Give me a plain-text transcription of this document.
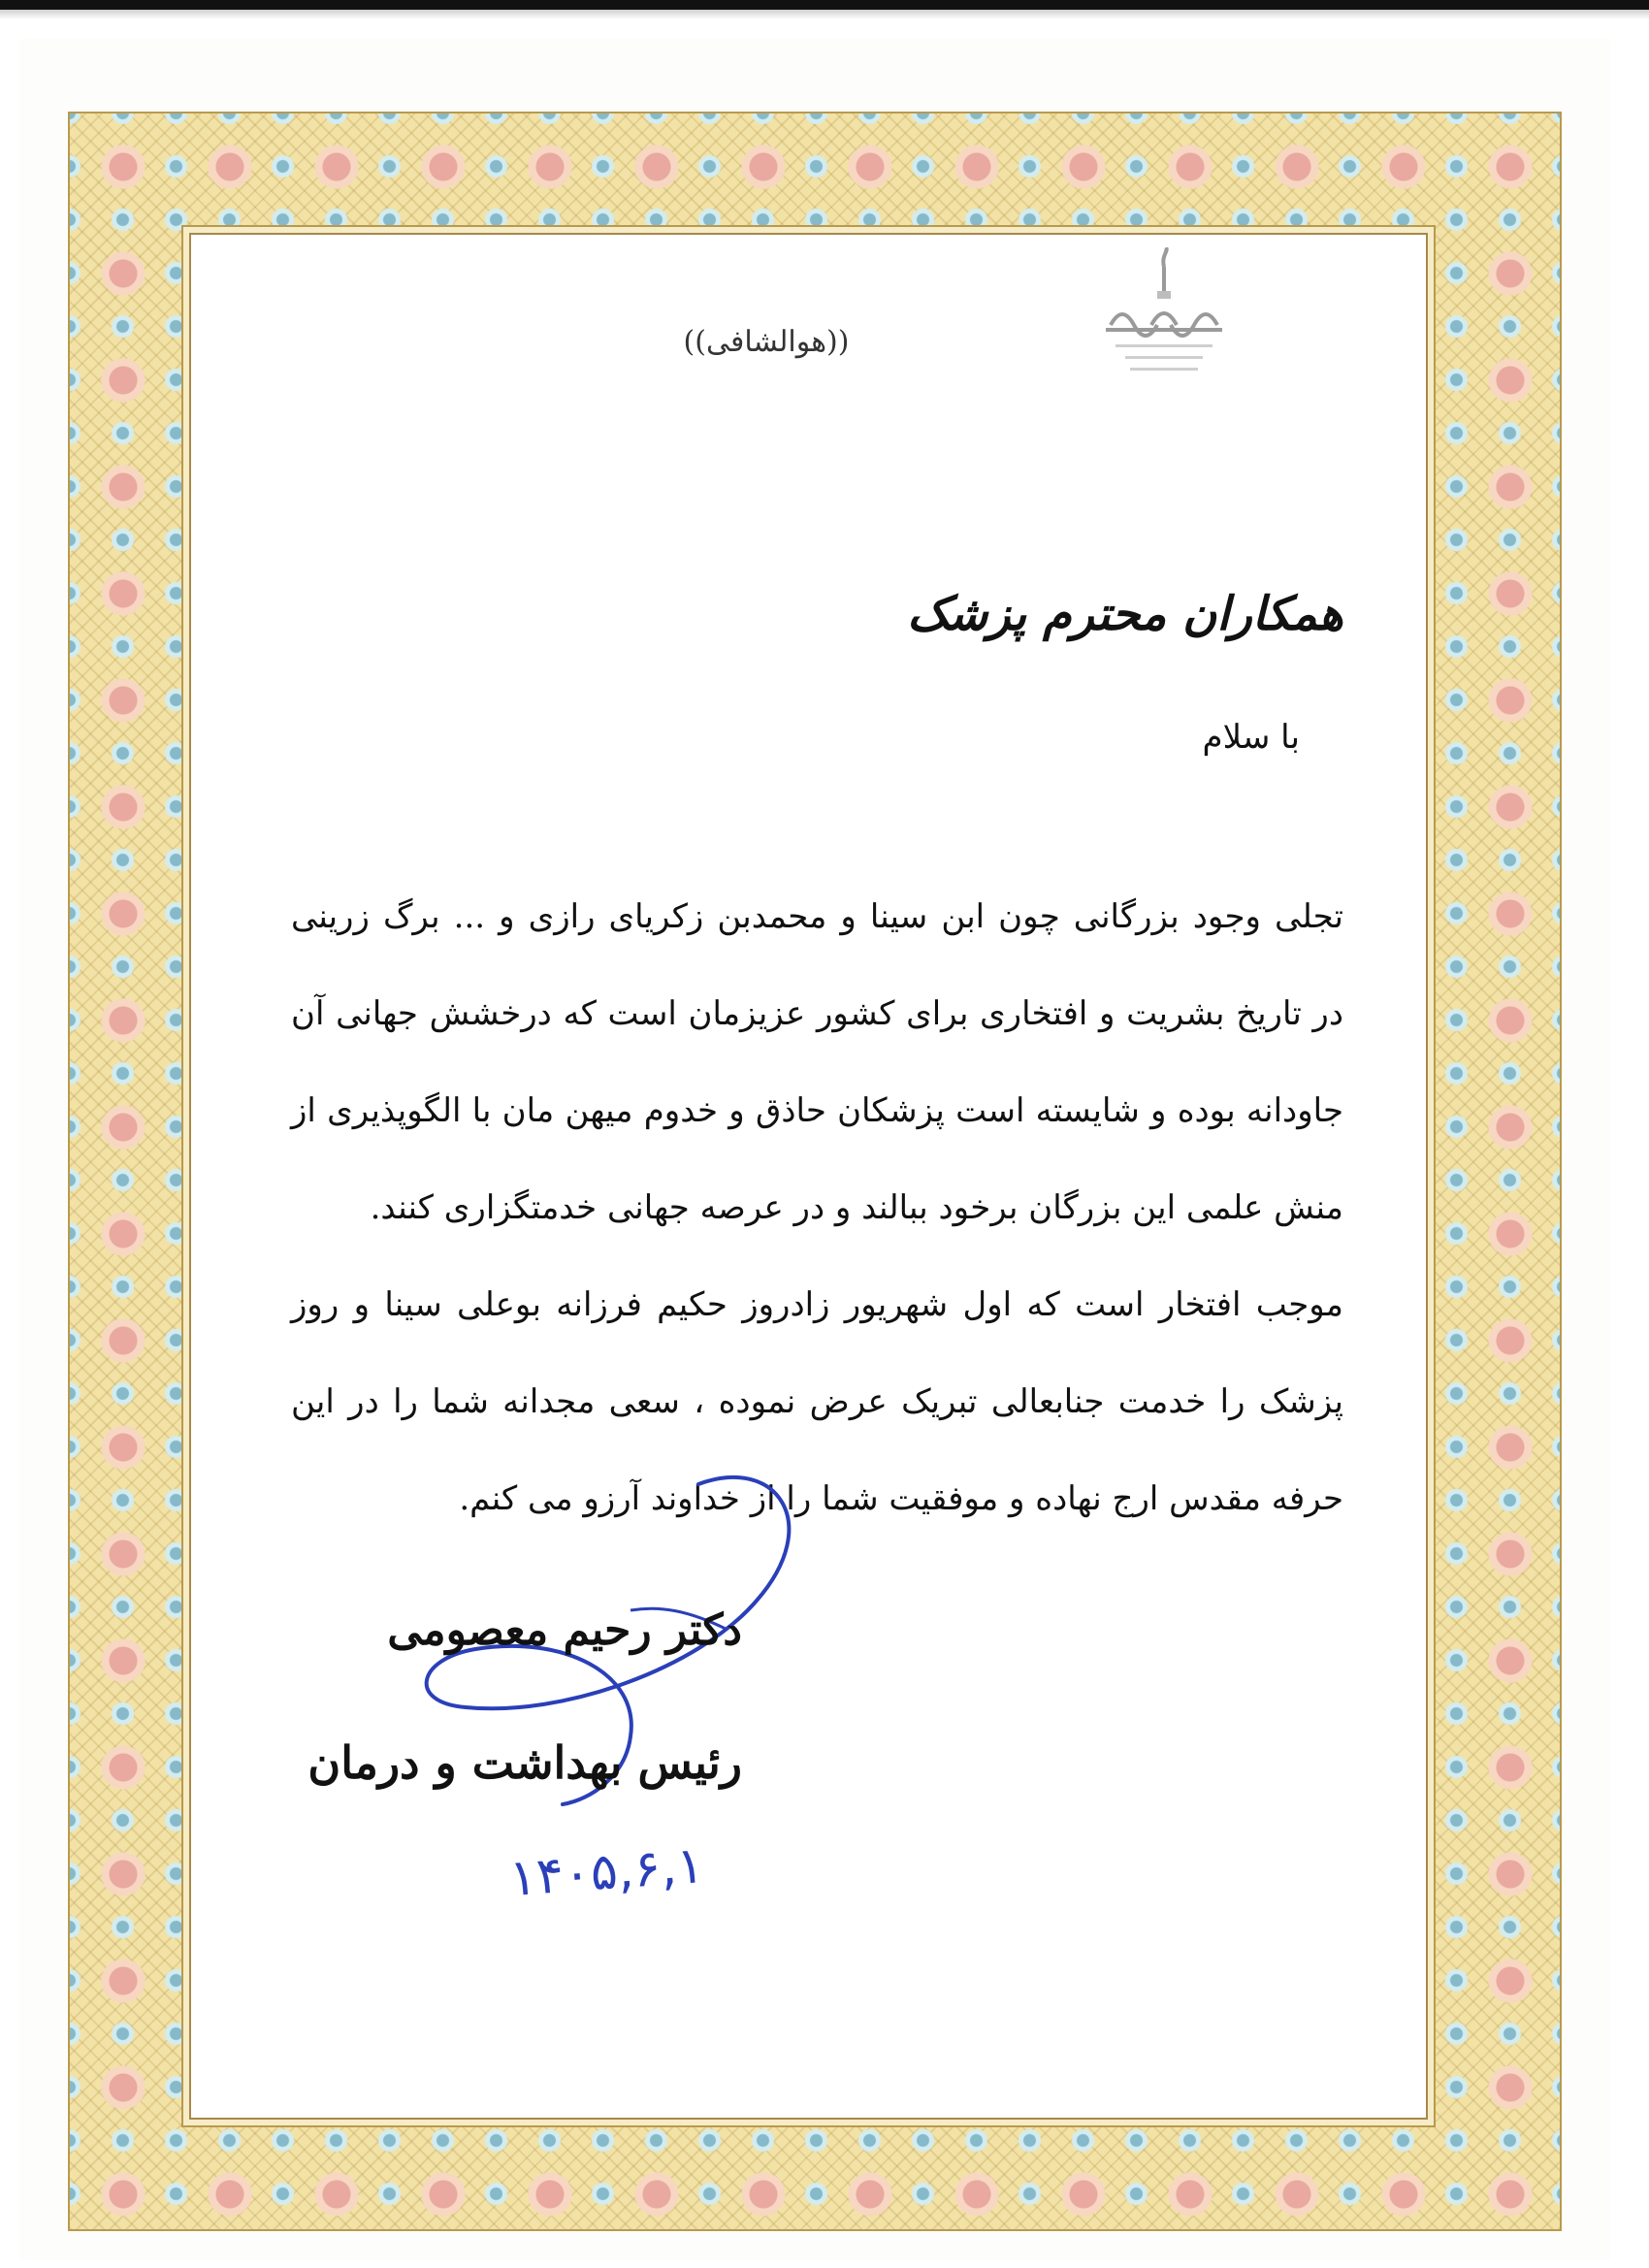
((هوالشافی))
همکاران محترم پزشک
با سلام

تجلی وجود بزرگانی چون ابن سینا و محمدبن زکریای رازی و ... برگ زرینی در تاریخ بشریت و افتخاری برای کشور عزیزمان است که درخشش جهانی آن جاودانه بوده و شایسته است پزشکان حاذق و خدوم میهن مان با الگوپذیری از منش علمی این بزرگان برخود ببالند و در عرصه جهانی خدمتگزاری کنند.

موجب افتخار است که اول شهریور زادروز حکیم فرزانه بوعلی سینا و روز پزشک را خدمت جنابعالی تبریک عرض نموده ، سعی مجدانه شما را در این حرفه مقدس ارج نهاده و موفقیت شما را از خداوند آرزو می کنم.

دکتر رحیم معصومی
رئیس بهداشت و درمان
۱۴۰۵,۶,۱
